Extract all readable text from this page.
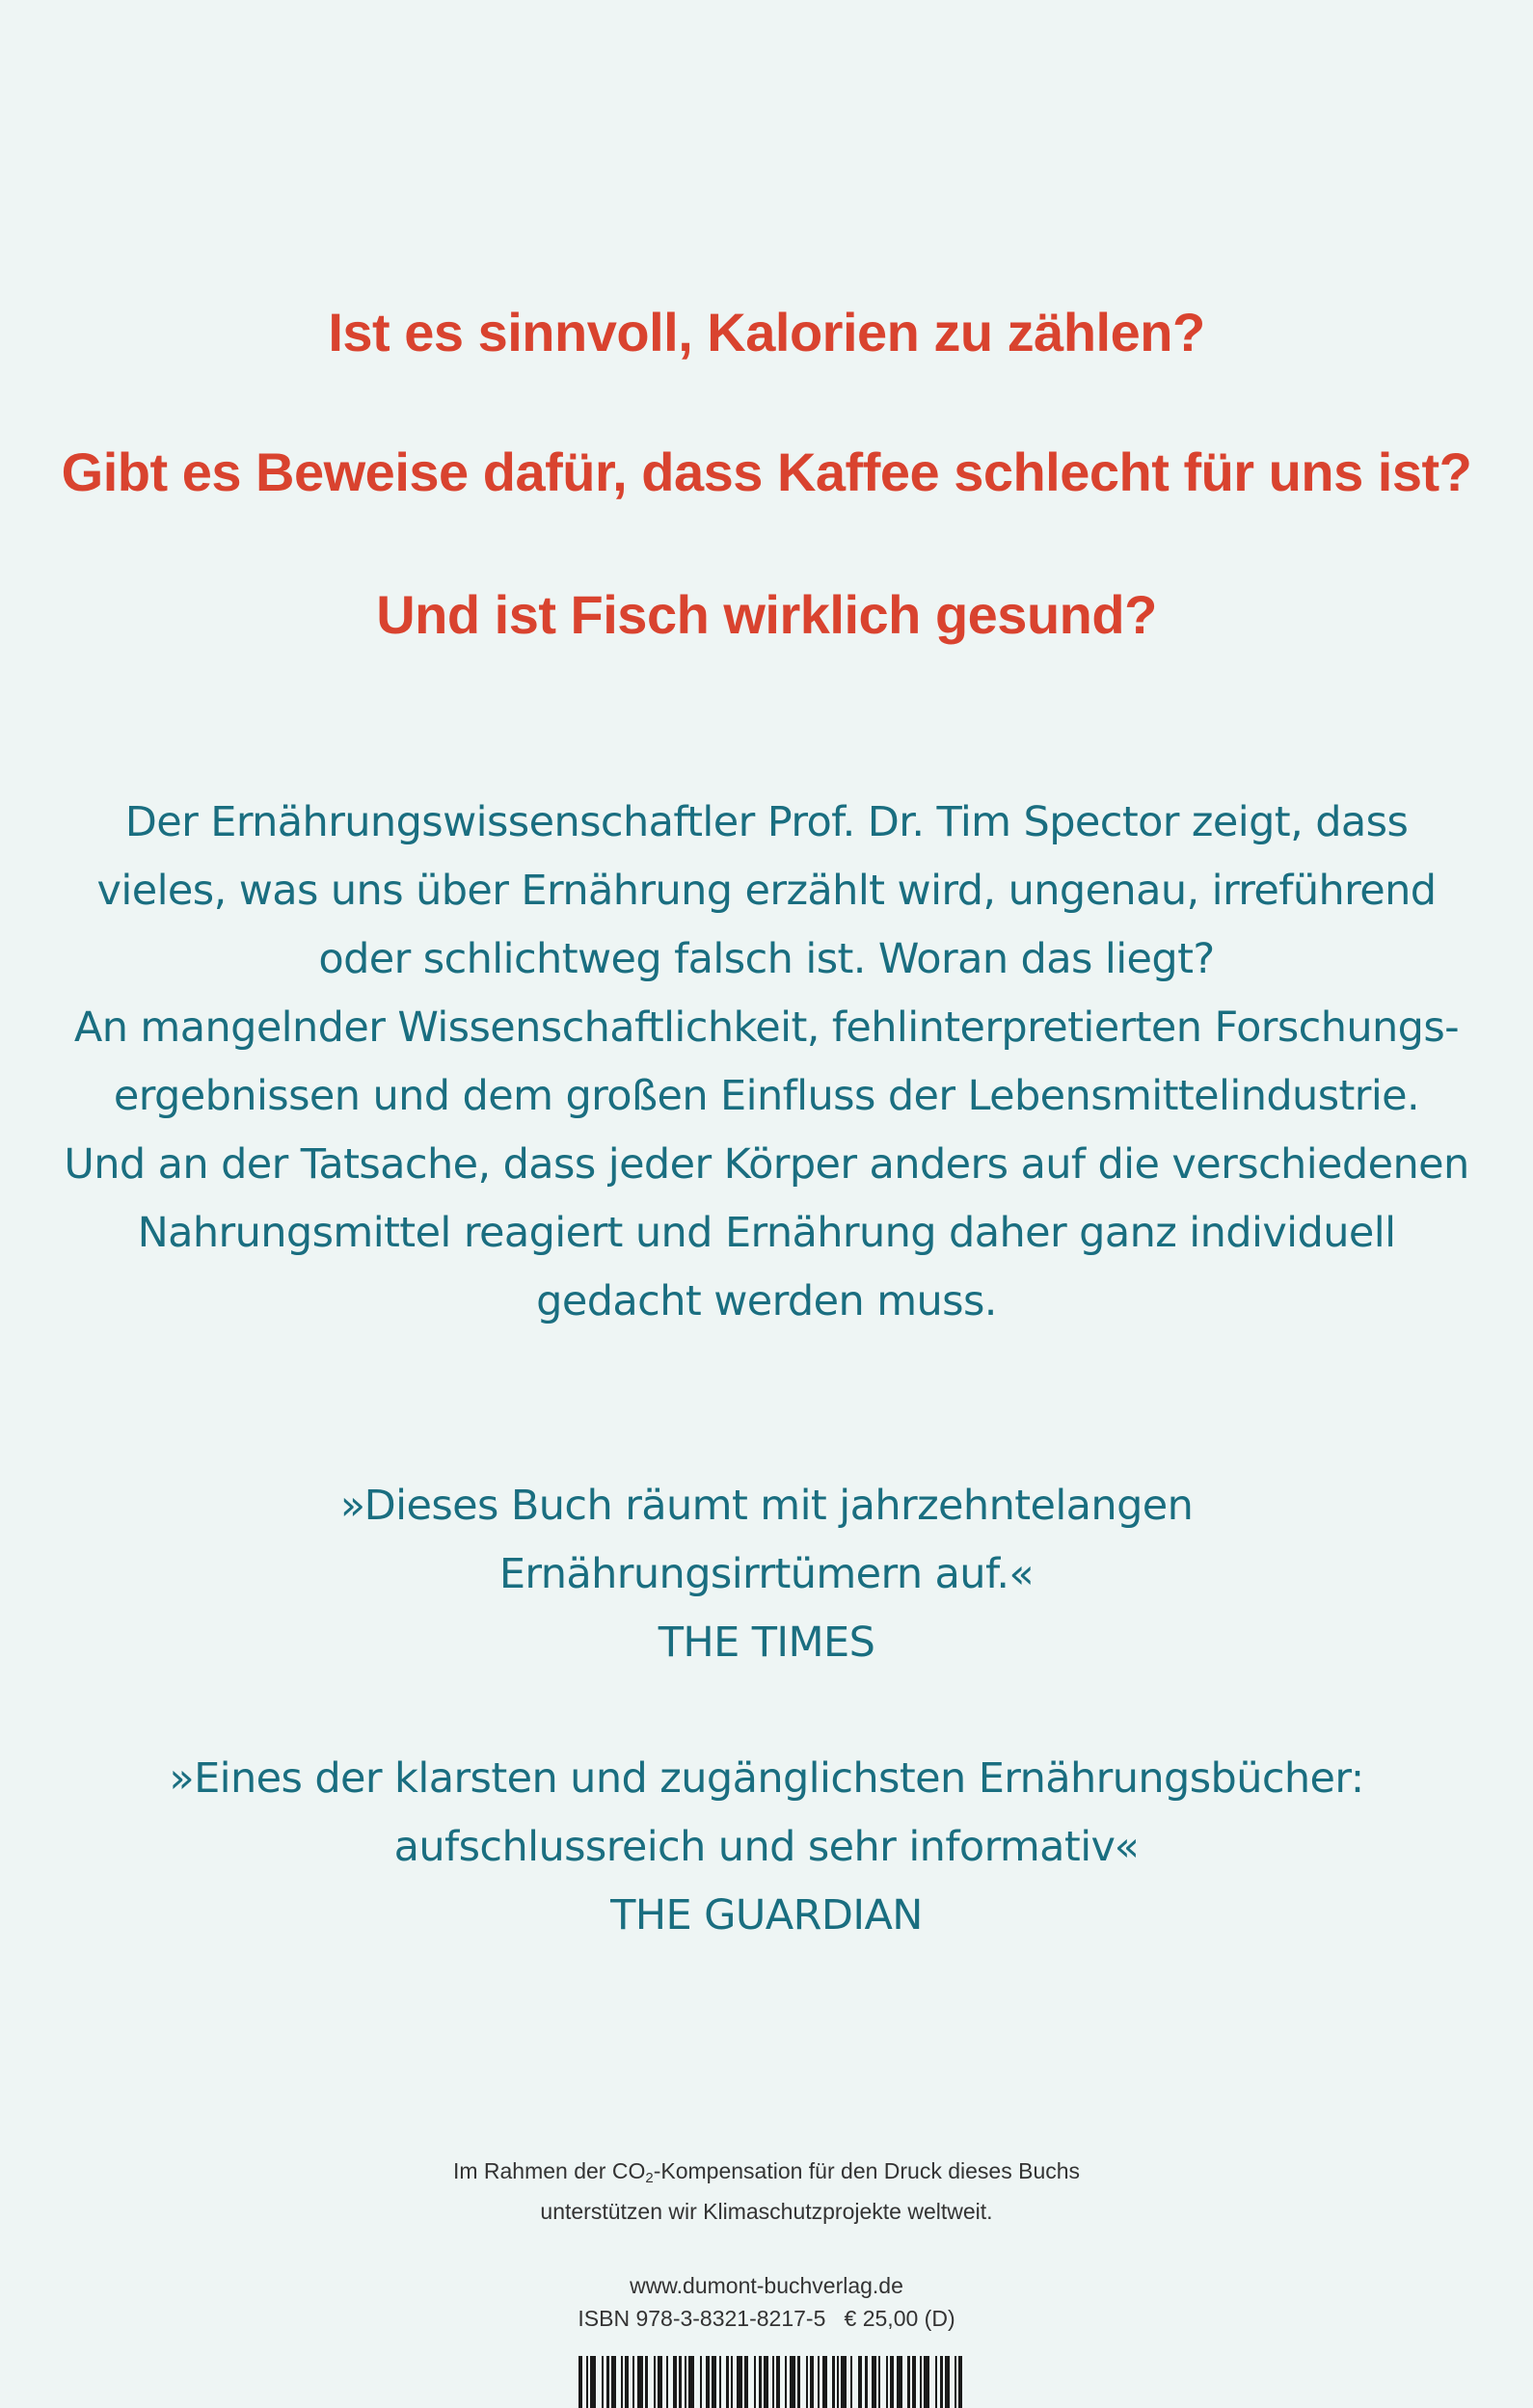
Ist es sinnvoll, Kalorien zu zählen?
Gibt es Beweise dafür, dass Kaffee schlecht für uns ist?
Und ist Fisch wirklich gesund?
Der Ernährungswissenschaftler Prof. Dr. Tim Spector zeigt, dass
vieles, was uns über Ernährung erzählt wird, ungenau, irreführend
oder schlichtweg falsch ist. Woran das liegt?
An mangelnder Wissenschaftlichkeit, fehlinterpretierten Forschungs-
ergebnissen und dem großen Einfluss der Lebensmittelindustrie.
Und an der Tatsache, dass jeder Körper anders auf die verschiedenen
Nahrungsmittel reagiert und Ernährung daher ganz individuell
gedacht werden muss.
»Dieses Buch räumt mit jahrzehntelangen
Ernährungsirrtümern auf.«
THE TIMES
»Eines der klarsten und zugänglichsten Ernährungsbücher:
aufschlussreich und sehr informativ«
THE GUARDIAN
Im Rahmen der $CO_2$-Kompensation für den Druck dieses Buchs
unterstützen wir Klimaschutzprojekte weltweit.
www.dumont-buchverlag.de
ISBN 978-3-8321-8217-5   € 25,00 (D)
